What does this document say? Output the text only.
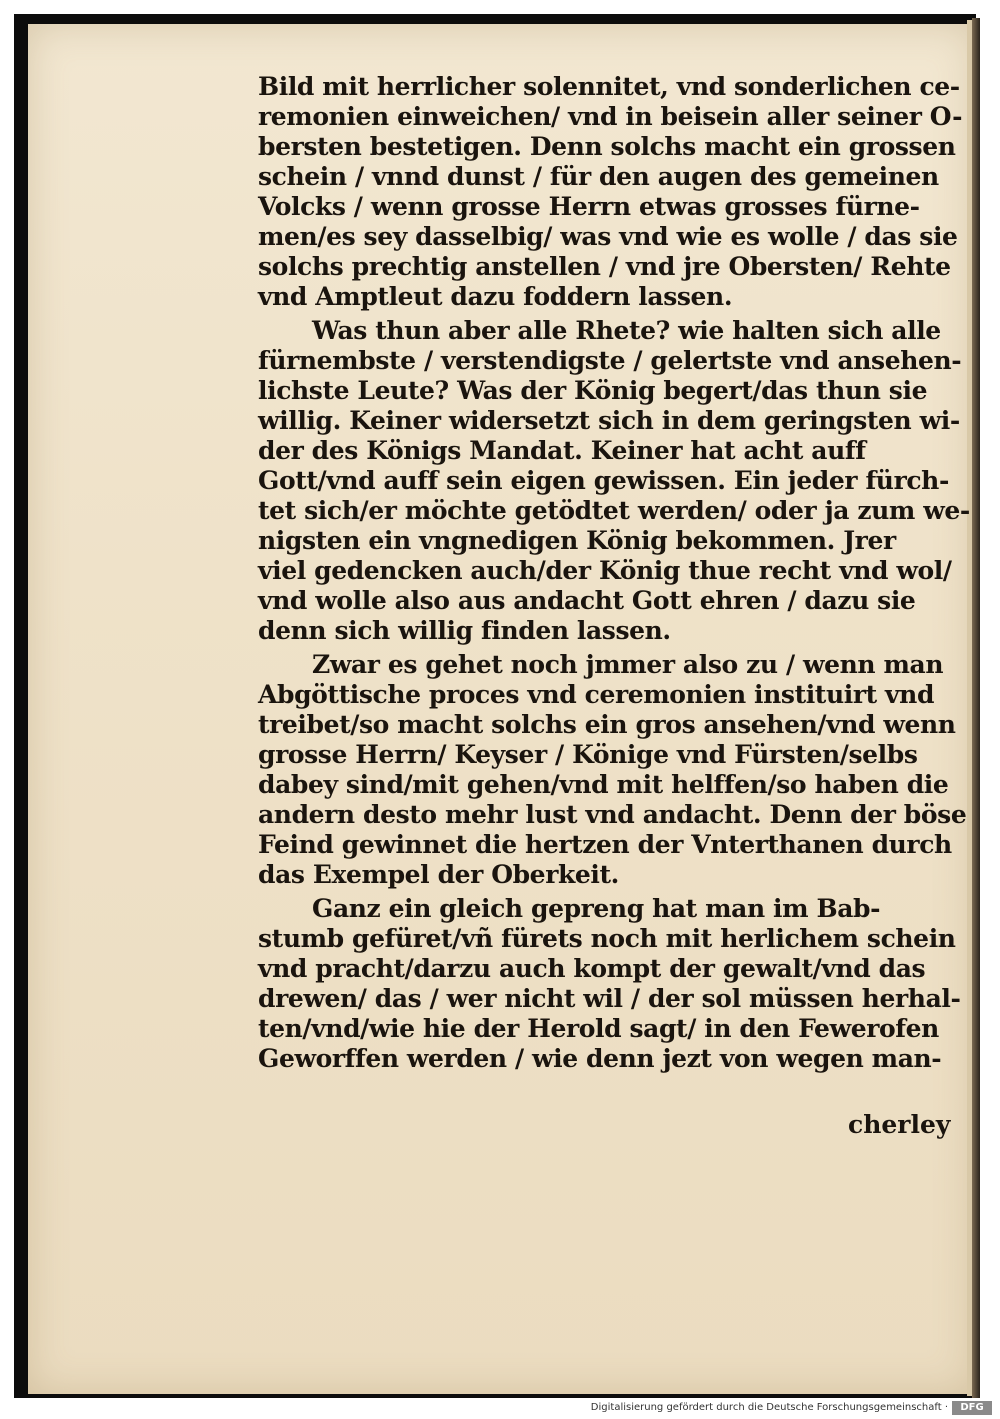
Bild mit herrlicher solennitet, vnd sonderlichen ce-
remonien einweichen/ vnd in beisein aller seiner O-
bersten bestetigen. Denn solchs macht ein grossen
schein / vnnd dunst / für den augen des gemeinen
Volcks / wenn grosse Herrn etwas grosses fürne-
men/es sey dasselbig/ was vnd wie es wolle / das sie
solchs prechtig anstellen / vnd jre Obersten/ Rehte
vnd Amptleut dazu foddern lassen.
Was thun aber alle Rhete? wie halten sich alle
fürnembste / verstendigste / gelertste vnd ansehen-
lichste Leute? Was der König begert/das thun sie
willig. Keiner widersetzt sich in dem geringsten wi-
der des Königs Mandat. Keiner hat acht auff
Gott/vnd auff sein eigen gewissen. Ein jeder fürch-
tet sich/er möchte getödtet werden/ oder ja zum we-
nigsten ein vngnedigen König bekommen. Jrer
viel gedencken auch/der König thue recht vnd wol/
vnd wolle also aus andacht Gott ehren / dazu sie
denn sich willig finden lassen.
Zwar es gehet noch jmmer also zu / wenn man
Abgöttische proces vnd ceremonien instituirt vnd
treibet/so macht solchs ein gros ansehen/vnd wenn
grosse Herrn/ Keyser / Könige vnd Fürsten/selbs
dabey sind/mit gehen/vnd mit helffen/so haben die
andern desto mehr lust vnd andacht. Denn der böse
Feind gewinnet die hertzen der Vnterthanen durch
das Exempel der Oberkeit.
Ganz ein gleich gepreng hat man im Bab-
stumb gefüret/vñ fürets noch mit herlichem schein
vnd pracht/darzu auch kompt der gewalt/vnd das
drewen/ das / wer nicht wil / der sol müssen herhal-
ten/vnd/wie hie der Herold sagt/ in den Fewerofen
Geworffen werden / wie denn jezt von wegen man-
cherley
Digitalisierung gefördert durch die Deutsche Forschungsgemeinschaft ·	DFG
